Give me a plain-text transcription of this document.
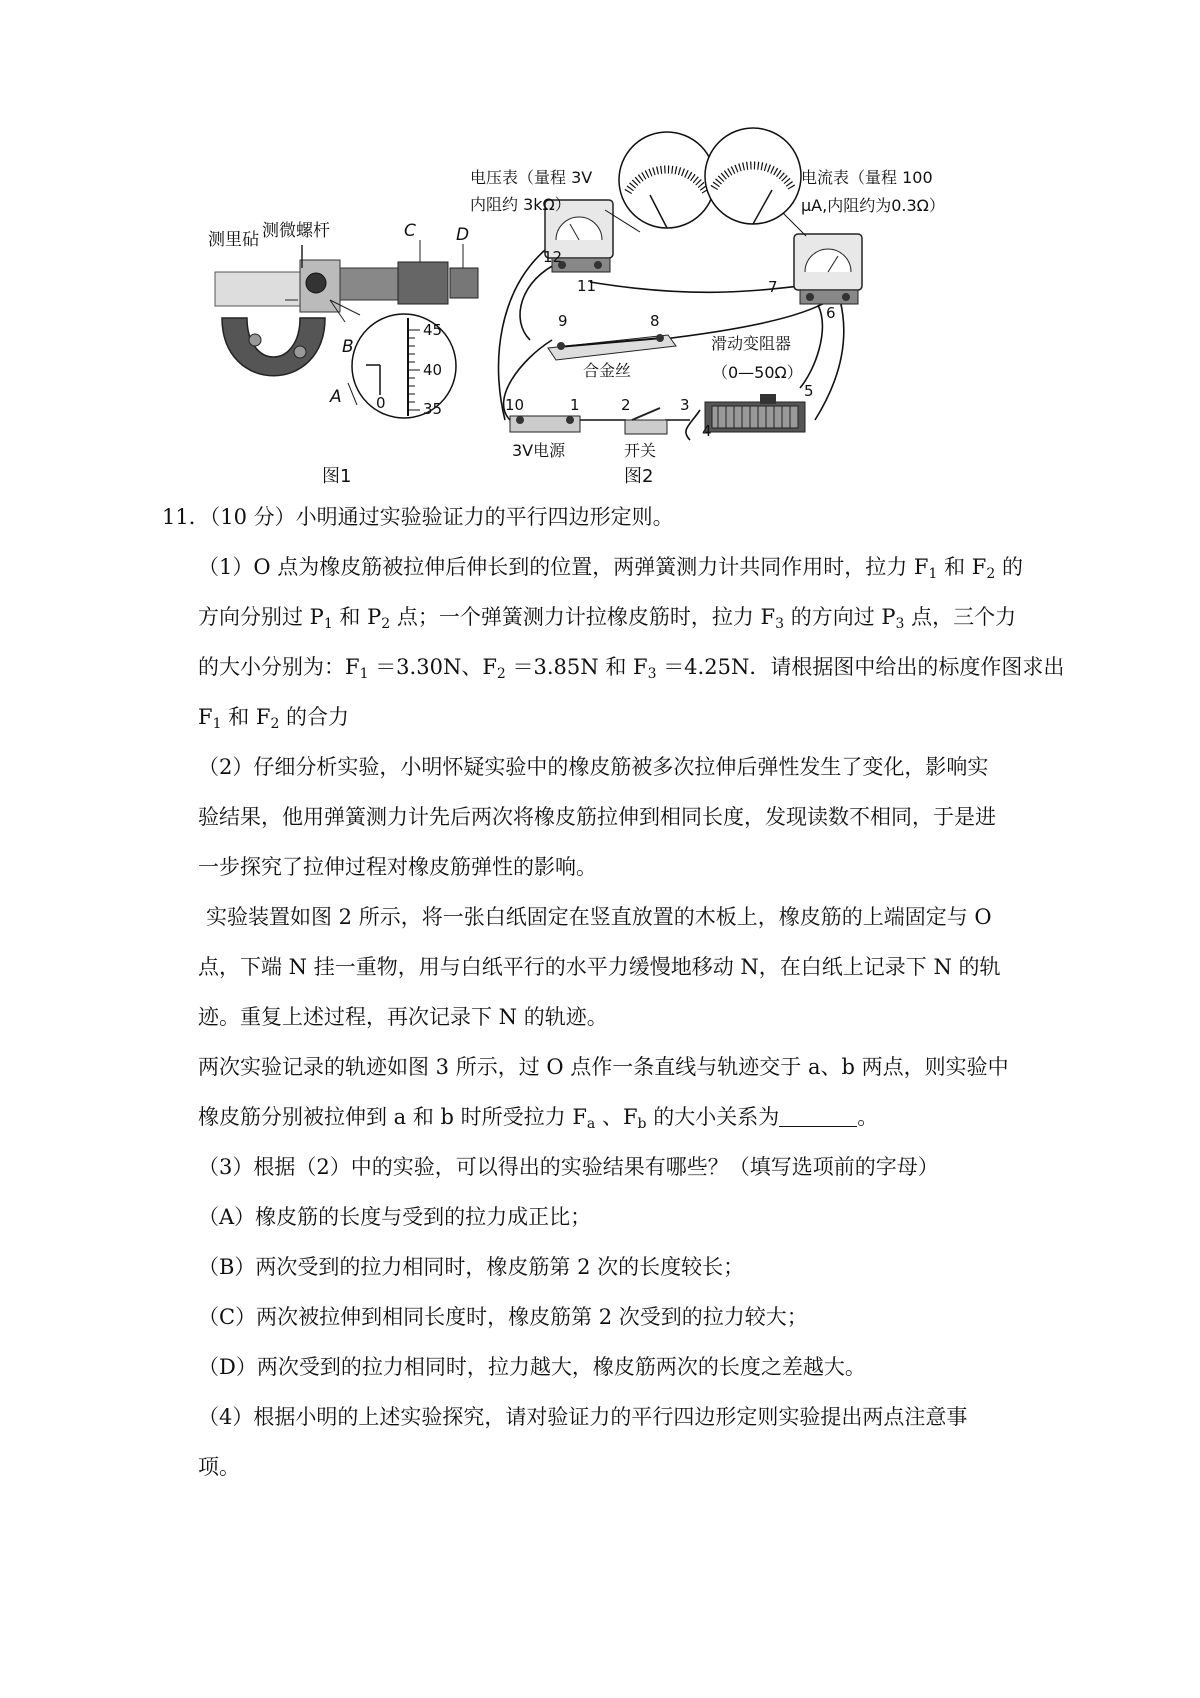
45
40
35
0
测里砧 测微螺杆	C D
B
A
图1
电压表（量程 3V
内阻约 3kΩ）
电流表（量程 100
μA,内阻约为0.3Ω）
合金丝
滑动变阻器
（0—50Ω）
3V电源	开关
图2
1	2	3
4
5
6
7
8
9
10
11
12
11．（10 分）小明通过实验验证力的平行四边形定则。
（1）O 点为橡皮筋被拉伸后伸长到的位置，两弹簧测力计共同作用时，拉力 $F_1$ 和 $F_2$ 的
方向分别过 $P_1$ 和 $P_2$ 点；一个弹簧测力计拉橡皮筋时，拉力 $F_3$ 的方向过 $P_3$ 点，三个力
的大小分别为：$F_1 =3.30N$、$F_2 =3.85N$ 和 $F_3 =4.25N$．请根据图中给出的标度作图求出
$F_1$ 和 $F_2$ 的合力
（2）仔细分析实验，小明怀疑实验中的橡皮筋被多次拉伸后弹性发生了变化，影响实
验结果，他用弹簧测力计先后两次将橡皮筋拉伸到相同长度，发现读数不相同，于是进
一步探究了拉伸过程对橡皮筋弹性的影响。
实验装置如图 2 所示，将一张白纸固定在竖直放置的木板上，橡皮筋的上端固定与 O
点，下端 N 挂一重物，用与白纸平行的水平力缓慢地移动 N，在白纸上记录下 N 的轨
迹。重复上述过程，再次记录下 N 的轨迹。
两次实验记录的轨迹如图 3 所示，过 O 点作一条直线与轨迹交于 a、b 两点，则实验中
橡皮筋分别被拉伸到 a 和 b 时所受拉力 $F_a$ 、$F_b$ 的大小关系为	。
（3）根据（2）中的实验，可以得出的实验结果有哪些？（填写选项前的字母）
（A）橡皮筋的长度与受到的拉力成正比；
（B）两次受到的拉力相同时，橡皮筋第 2 次的长度较长；
（C）两次被拉伸到相同长度时，橡皮筋第 2 次受到的拉力较大；
（D）两次受到的拉力相同时，拉力越大，橡皮筋两次的长度之差越大。
（4）根据小明的上述实验探究，请对验证力的平行四边形定则实验提出两点注意事
项。
